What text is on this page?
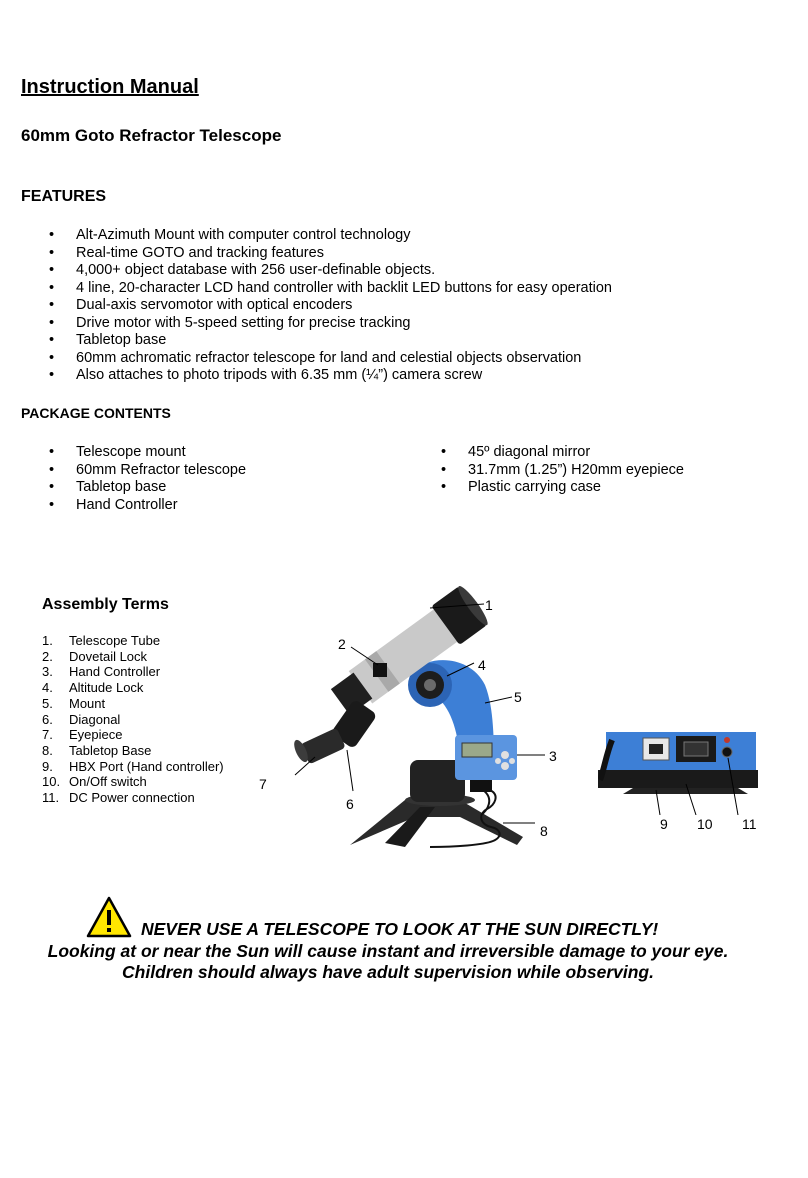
Instruction Manual
60mm Goto Refractor Telescope
FEATURES
• Alt-Azimuth Mount with computer control technology
• Real-time GOTO and tracking features
• 4,000+ object database with 256 user-definable objects.
• 4 line, 20-character LCD hand controller with backlit LED buttons for easy operation
• Dual-axis servomotor with optical encoders
• Drive motor with 5-speed setting for precise tracking
• Tabletop base
• 60mm achromatic refractor telescope for land and celestial objects observation
• Also attaches to photo tripods with 6.35 mm (¼”) camera screw
PACKAGE CONTENTS
• Telescope mount
• 60mm Refractor telescope
• Tabletop base
• Hand Controller
• 45º diagonal mirror
• 31.7mm (1.25”) H20mm eyepiece
• Plastic carrying case
Assembly Terms
1. Telescope Tube
2. Dovetail Lock
3. Hand Controller
4. Altitude Lock
5. Mount
6. Diagonal
7. Eyepiece
8. Tabletop Base
9. HBX Port (Hand controller)
10. On/Off switch
11. DC Power connection
1
2
3
4
5
6
7
8	9 10 11
NEVER USE A TELESCOPE TO LOOK AT THE SUN DIRECTLY!
Looking at or near the Sun will cause instant and irreversible damage to your eye.
Children should always have adult supervision while observing.
